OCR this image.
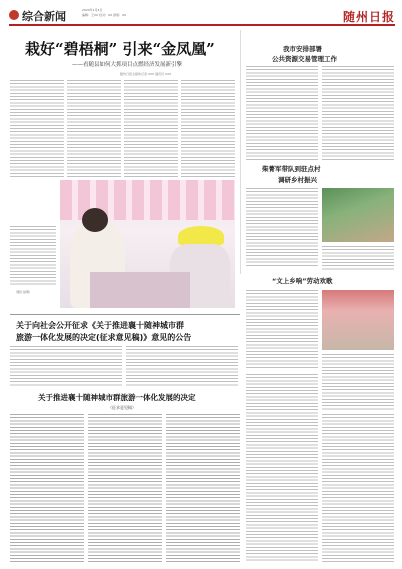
综合新闻	2023年1月4日
编辑：王XX 校对：XX 排版：XX	随州日报
栽好“碧梧桐” 引来“金凤凰”
——看随县如何大抓项目点燃经济发展新引擎
随州日报全媒体记者 XXX 通讯员 XXX
（图片说明）
我市安排部署
公共资源交易管理工作
柴菁军带队到驻点村
调研乡村振兴
“文上乡响”劳动欢歌
关于向社会公开征求《关于推进襄十随神城市群
旅游一体化发展的决定(征求意见稿)》意见的公告
关于推进襄十随神城市群旅游一体化发展的决定
（征求意见稿）
